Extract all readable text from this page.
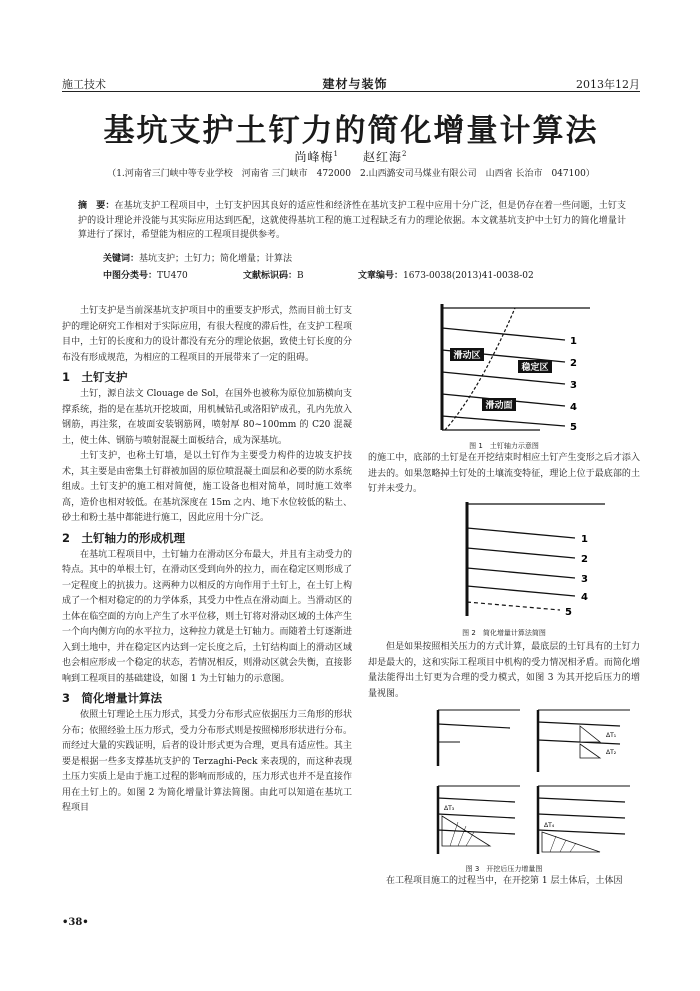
施工技术	建材与装饰	2013年12月
基坑支护土钉力的简化增量计算法
尚峰梅$^1$ 赵红海$^2$
（1.河南省三门峡中等专业学校　河南省 三门峡市　472000　2.山西潞安司马煤业有限公司　山西省 长治市　047100）
摘　要：在基坑支护工程项目中，土钉支护因其良好的适应性和经济性在基坑支护工程中应用十分广泛，但是仍存在着一些问题，土钉支护的设计理论并没能与其实际应用达到匹配，这就使得基坑工程的施工过程缺乏有力的理论依据。本文就基坑支护中土钉力的简化增量计算进行了探讨，希望能为相应的工程项目提供参考。
关键词：基坑支护；土钉力；简化增量；计算法
中图分类号：TU470	文献标识码：B	文章编号：1673-0038(2013)41-0038-02

土钉支护是当前深基坑支护项目中的重要支护形式，然而目前土钉支护的理论研究工作相对于实际应用，有很大程度的滞后性，在支护工程项目中，土钉的长度和力的设计都没有充分的理论依据，致使土钉长度的分布没有形成规范，为相应的工程项目的开展带来了一定的阻碍。

1　土钉支护

土钉，源自法文 Clouage de Sol，在国外也被称为原位加筋横向支撑系统，指的是在基坑开挖坡面，用机械钻孔或洛阳铲成孔，孔内先放入钢筋，再注浆，在坡面安装钢筋网，喷射厚 80~100mm 的 C20 混凝土，使土体、钢筋与喷射混凝土面板结合，成为深基坑。

土钉支护，也称土钉墙，是以土钉作为主要受力构件的边坡支护技术，其主要是由密集土钉群被加固的原位喷混凝土面层和必要的防水系统组成。土钉支护的施工相对简便，施工设备也相对简单，同时施工效率高，造价也相对较低。在基坑深度在 15m 之内、地下水位较低的粘土、砂土和粉土基中都能进行施工，因此应用十分广泛。

2　土钉轴力的形成机理

在基坑工程项目中，土钉轴力在滑动区分布最大，并且有主动受力的特点。其中的单根土钉，在滑动区受到向外的拉力，而在稳定区则形成了一定程度上的抗拔力。这两种力以相反的方向作用于土钉上，在土钉上构成了一个相对稳定的的力学体系，其受力中性点在滑动面上。当滑动区的土体在临空面的方向上产生了水平位移，则土钉将对滑动区域的土体产生一个向内侧方向的水平拉力，这种拉力就是土钉轴力。而随着土钉逐渐进入到土地中，并在稳定区内达到一定长度之后，土钉结构面上的滑动区域也会相应形成一个稳定的状态，若情况相反，则滑动区就会失衡，直接影响到工程项目的基础建设，如图 1 为土钉轴力的示意图。

3　简化增量计算法

依照土钉理论土压力形式，其受力分布形式应依据压力三角形的形状分布；依照经验土压力形式，受力分布形式则是按照梯形形状进行分布。而经过大量的实践证明，后者的设计形式更为合理，更具有适应性。其主要是根据一些多支撑基坑支护的 Terzaghi-Peck 来表现的，而这种表现土压力实质上是由于施工过程的影响而形成的，压力形式也并不是直接作用在土钉上的。如图 2 为简化增量计算法简图。由此可以知道在基坑工程项目

滑动区
稳定区
滑动面
1
2
3
4
5
图 1　土钉轴力示意图

的施工中，底部的土钉是在开挖结束时相应土钉产生变形之后才添入进去的。如果忽略掉土钉处的土壤流变特征，理论上位于最底部的土钉并未受力。

1
2
3
4
5
图 2　简化增量计算法简图

但是如果按照相关压力的方式计算，最底层的土钉具有的土钉力却是最大的，这和实际工程项目中机构的受力情况相矛盾。而简化增量法能得出土钉更为合理的受力模式，如图 3 为其开挖后压力的增量视图。

ΔT₁
ΔT₂
ΔT₃
ΔT₄
图 3　开挖后压力增量图

在工程项目施工的过程当中，在开挖第 1 层土体后，土体因

•38•
